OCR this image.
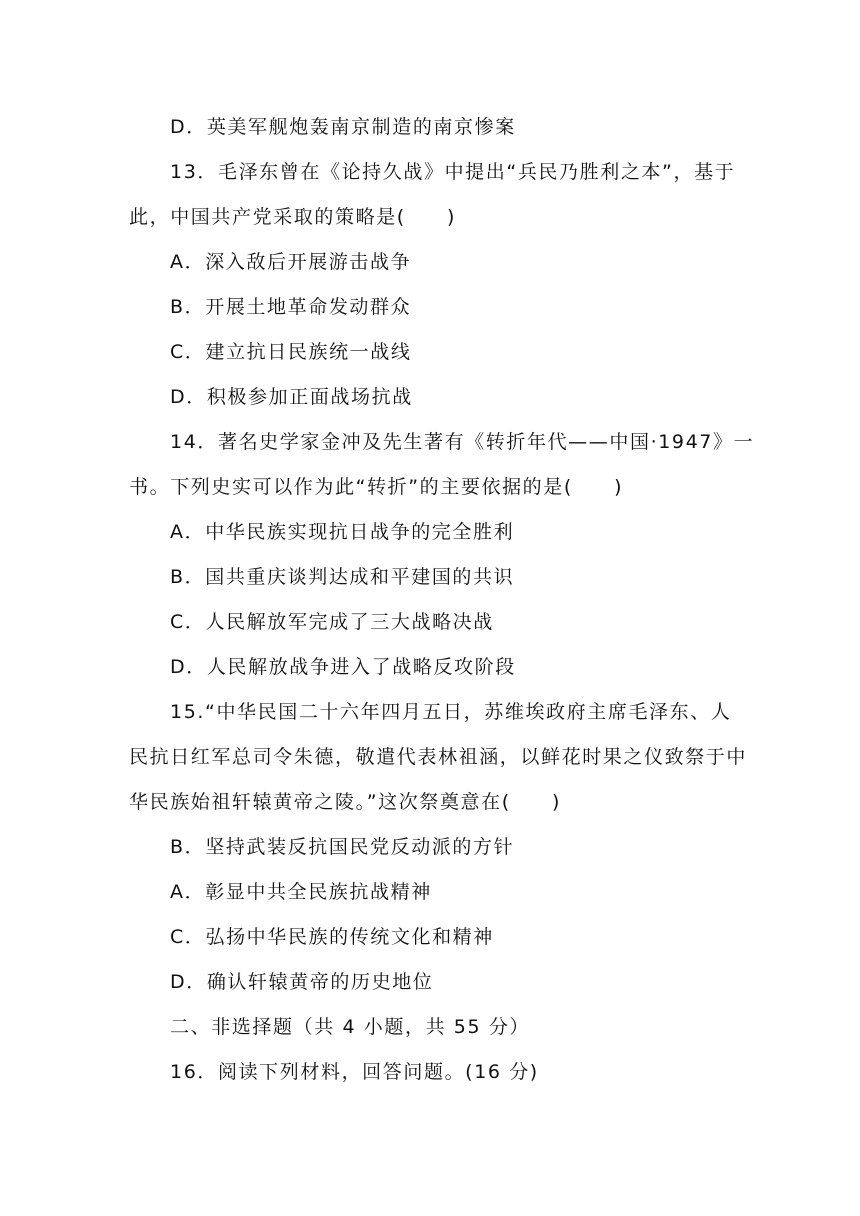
D．英美军舰炮轰南京制造的南京惨案
13．毛泽东曾在《论持久战》中提出“兵民乃胜利之本”，基于
此，中国共产党采取的策略是(　　)
A．深入敌后开展游击战争
B．开展土地革命发动群众
C．建立抗日民族统一战线
D．积极参加正面战场抗战
14．著名史学家金冲及先生著有《转折年代——中国·1947》一
书。下列史实可以作为此“转折”的主要依据的是(　　)
A．中华民族实现抗日战争的完全胜利
B．国共重庆谈判达成和平建国的共识
C．人民解放军完成了三大战略决战
D．人民解放战争进入了战略反攻阶段
15.“中华民国二十六年四月五日，苏维埃政府主席毛泽东、人
民抗日红军总司令朱德，敬遣代表林祖涵，以鲜花时果之仪致祭于中
华民族始祖轩辕黄帝之陵。”这次祭奠意在(　　)
B．坚持武装反抗国民党反动派的方针
A．彰显中共全民族抗战精神
C．弘扬中华民族的传统文化和精神
D．确认轩辕黄帝的历史地位
二、非选择题（共 4 小题，共 55 分）
16．阅读下列材料，回答问题。(16 分)
